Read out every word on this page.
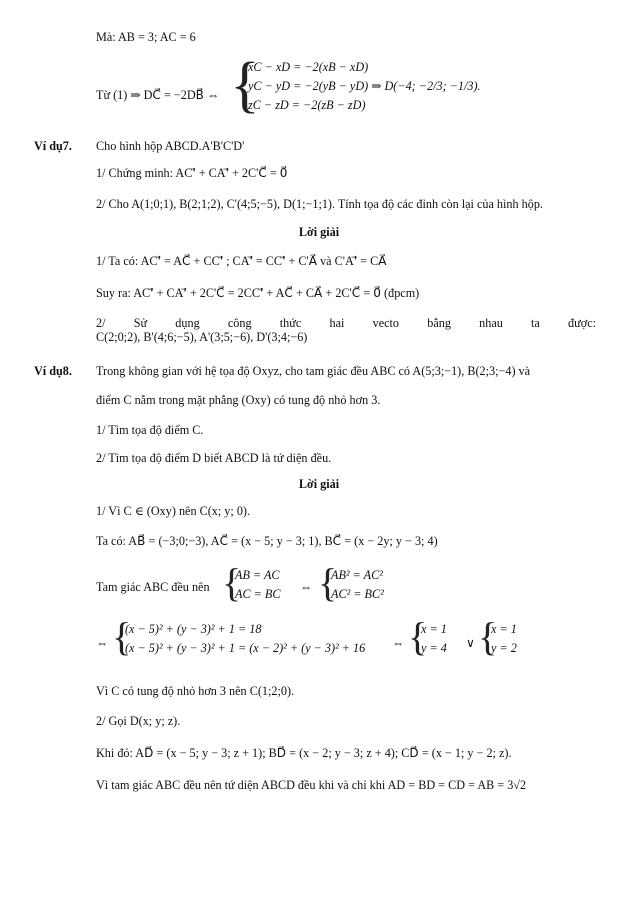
Mà: AB = 3; AC = 6
Từ (1) ⇒ DC⃗ = −2DB⃗ ⇔ {
xC − xD = −2(xB − xD)
yC − yD = −2(yB − yD) ⇒ D(−4; −2/3; −1/3).
zC − zD = −2(zB − zD)
Ví dụ7. Cho hình hộp ABCD.A'B'C'D'
1/ Chứng minh: AC'⃗ + CA'⃗ + 2C'C⃗ = 0⃗
2/ Cho A(1;0;1), B(2;1;2), C'(4;5;−5), D(1;−1;1). Tính tọa độ các đỉnh còn lại của hình hộp.
Lời giải
1/ Ta có: AC'⃗ = AC⃗ + CC'⃗ ; CA'⃗ = CC'⃗ + C'A⃗ và C'A'⃗ = CA⃗
Suy ra: AC'⃗ + CA'⃗ + 2C'C⃗ = 2CC'⃗ + AC⃗ + CA⃗ + 2C'C⃗ = 0⃗ (đpcm)
2/ Sử dụng công thức hai vecto bằng nhau ta được:
C(2;0;2), B'(4;6;−5), A'(3;5;−6), D'(3;4;−6)
Ví dụ8. Trong không gian với hệ tọa độ Oxyz, cho tam giác đều ABC có A(5;3;−1), B(2;3;−4) và
điểm C nằm trong mặt phẳng (Oxy) có tung độ nhỏ hơn 3.
1/ Tìm tọa độ điểm C.
2/ Tìm tọa độ điểm D biết ABCD là tứ diện đều.
Lời giải
1/ Vì C ∈ (Oxy) nên C(x; y; 0).
Ta có: AB⃗ = (−3;0;−3), AC⃗ = (x − 5; y − 3; 1), BC⃗ = (x − 2y; y − 3; 4)
Tam giác ABC đều nên {
AB = AC
AC = BC ⇔ {
AB² = AC²
AC² = BC²
⇔ {
(x − 5)² + (y − 3)² + 1 = 18
(x − 5)² + (y − 3)² + 1 = (x − 2)² + (y − 3)² + 16 ⇔ {
x = 1
y = 4 ∨ {
x = 1
y = 2
Vì C có tung độ nhỏ hơn 3 nên C(1;2;0).
2/ Gọi D(x; y; z).
Khi đó: AD⃗ = (x − 5; y − 3; z + 1); BD⃗ = (x − 2; y − 3; z + 4); CD⃗ = (x − 1; y − 2; z).
Vì tam giác ABC đều nên tứ diện ABCD đều khi và chỉ khi AD = BD = CD = AB = 3√2
